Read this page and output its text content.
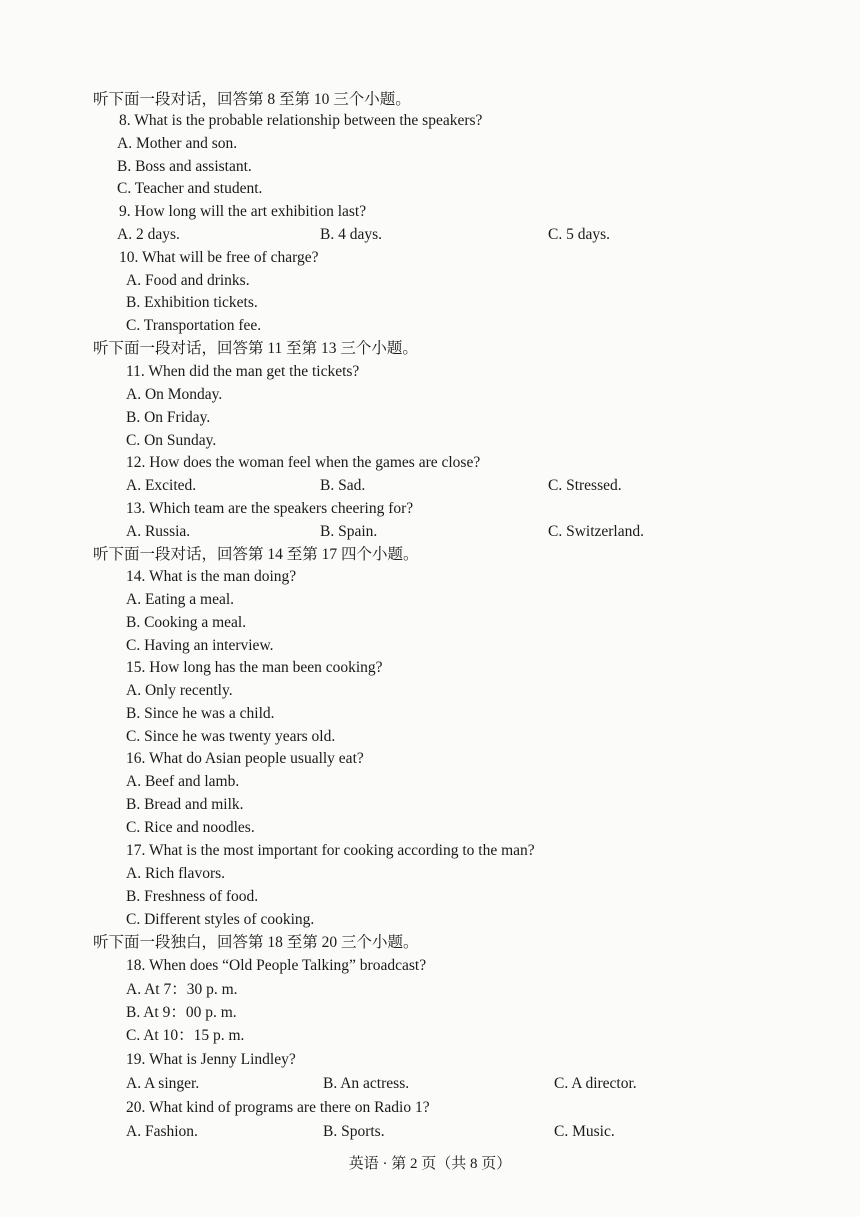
听下面一段对话，回答第 8 至第 10 三个小题。
8. What is the probable relationship between the speakers?
A. Mother and son.
B. Boss and assistant.
C. Teacher and student.
9. How long will the art exhibition last?
A. 2 days.	B. 4 days.	C. 5 days.
10. What will be free of charge?
A. Food and drinks.
B. Exhibition tickets.
C. Transportation fee.
听下面一段对话，回答第 11 至第 13 三个小题。
11. When did the man get the tickets?
A. On Monday.
B. On Friday.
C. On Sunday.
12. How does the woman feel when the games are close?
A. Excited.	B. Sad.	C. Stressed.
13. Which team are the speakers cheering for?
A. Russia.	B. Spain.	C. Switzerland.
听下面一段对话，回答第 14 至第 17 四个小题。
14. What is the man doing?
A. Eating a meal.
B. Cooking a meal.
C. Having an interview.
15. How long has the man been cooking?
A. Only recently.
B. Since he was a child.
C. Since he was twenty years old.
16. What do Asian people usually eat?
A. Beef and lamb.
B. Bread and milk.
C. Rice and noodles.
17. What is the most important for cooking according to the man?
A. Rich flavors.
B. Freshness of food.
C. Different styles of cooking.
听下面一段独白，回答第 18 至第 20 三个小题。
18. When does “Old People Talking” broadcast?
A. At 7：30 p. m.
B. At 9：00 p. m.
C. At 10：15 p. m.
19. What is Jenny Lindley?
A. A singer.	B. An actress.	C. A director.
20. What kind of programs are there on Radio 1?
A. Fashion.	B. Sports.	C. Music.
英语 · 第 2 页（共 8 页）
